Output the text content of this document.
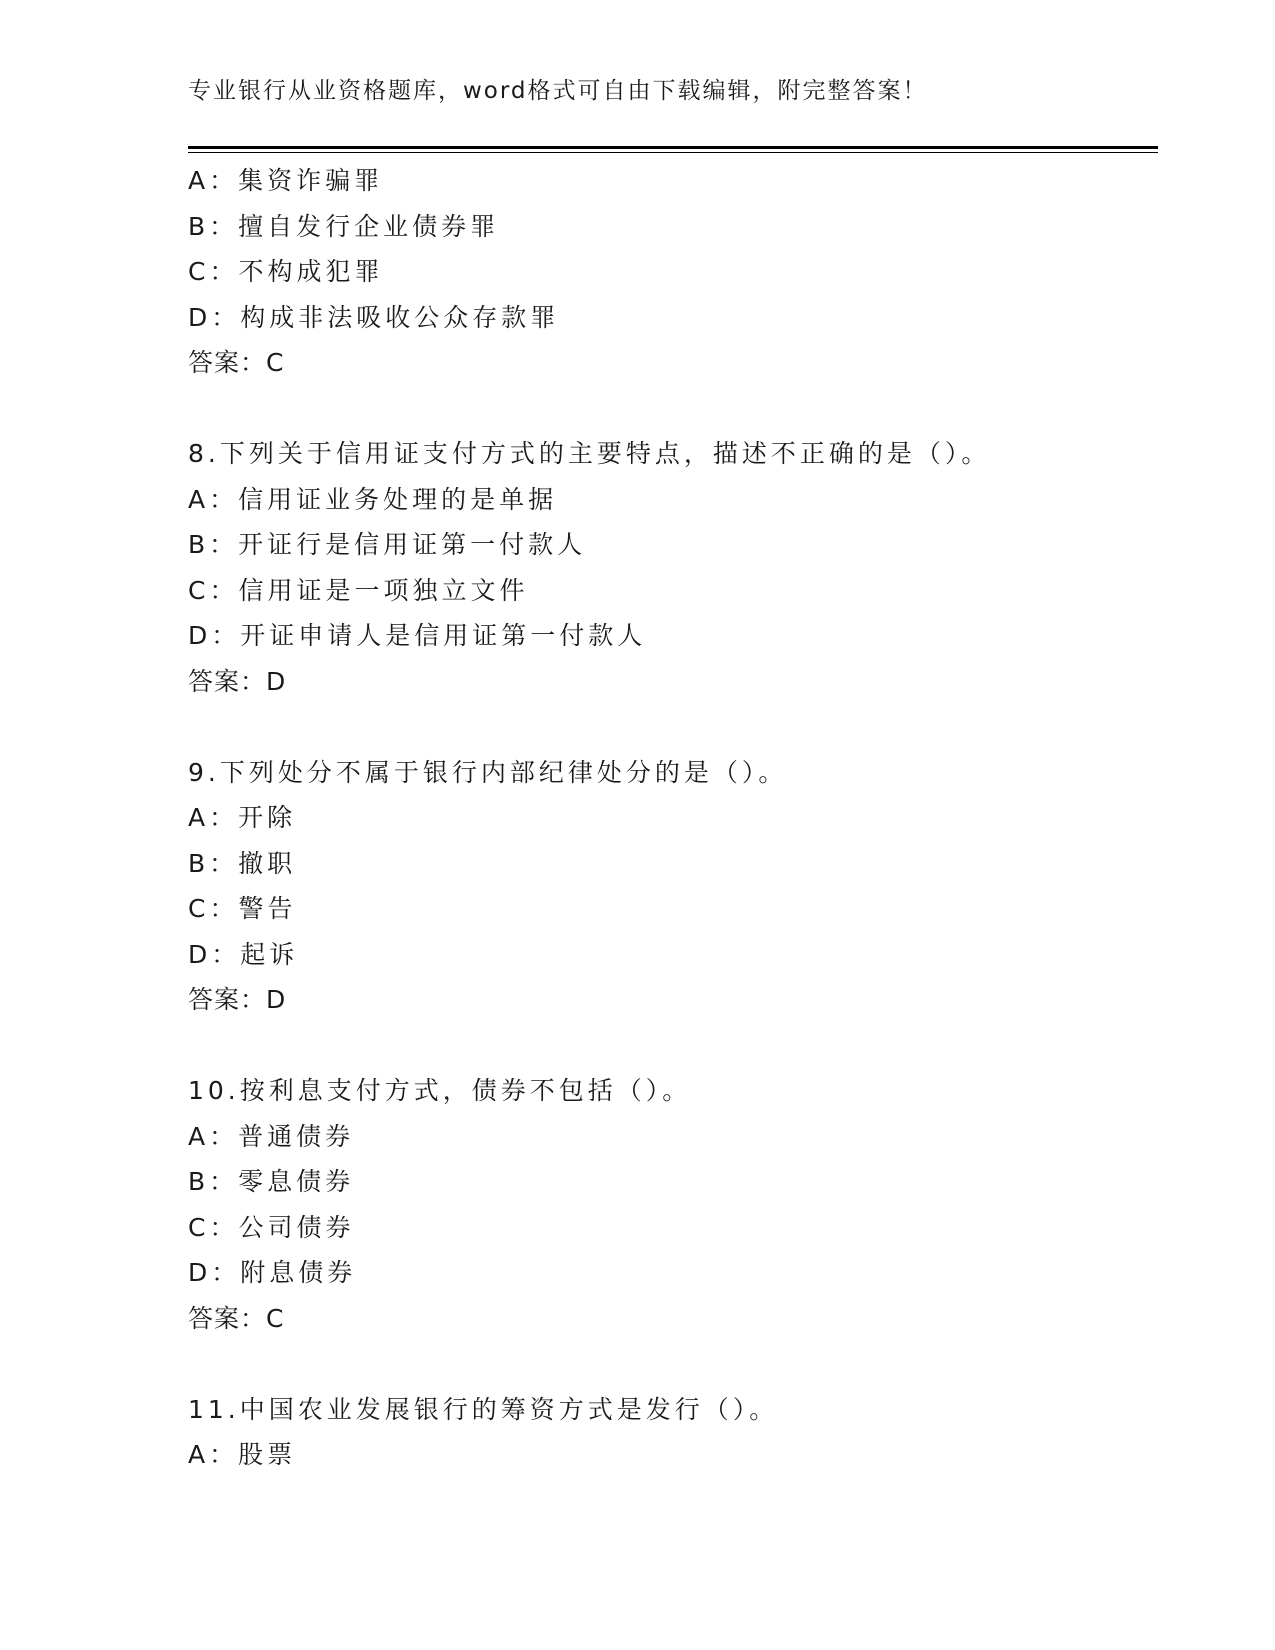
专业银行从业资格题库，word格式可自由下载编辑，附完整答案！
A：集资诈骗罪
B：擅自发行企业债券罪
C：不构成犯罪
D：构成非法吸收公众存款罪
答案：C
8.下列关于信用证支付方式的主要特点，描述不正确的是（）。
A：信用证业务处理的是单据
B：开证行是信用证第一付款人
C：信用证是一项独立文件
D：开证申请人是信用证第一付款人
答案：D
9.下列处分不属于银行内部纪律处分的是（）。
A：开除
B：撤职
C：警告
D：起诉
答案：D
10.按利息支付方式，债券不包括（）。
A：普通债券
B：零息债券
C：公司债券
D：附息债券
答案：C
11.中国农业发展银行的筹资方式是发行（）。
A：股票
